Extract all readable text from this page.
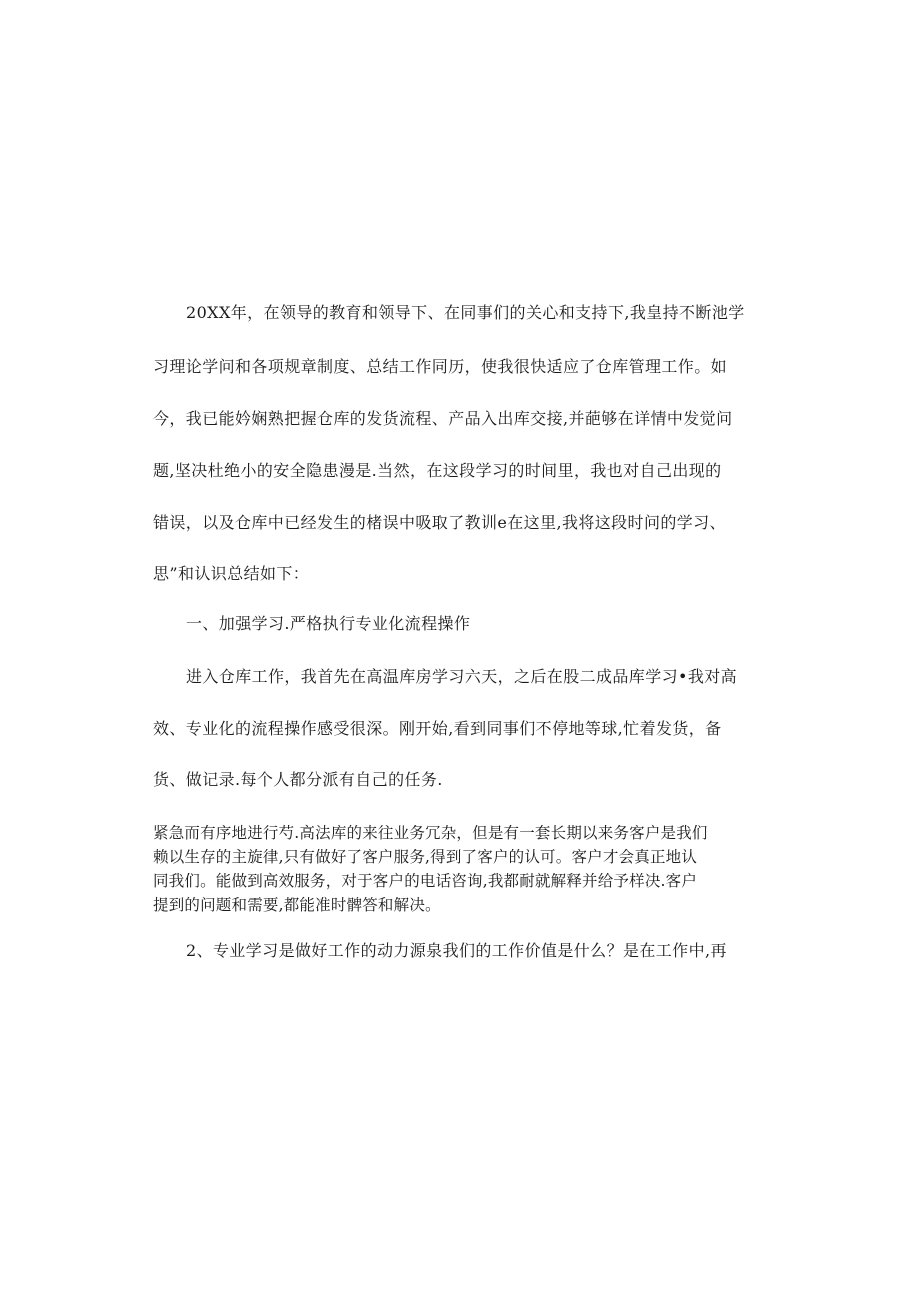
20XX年，在领导的教育和领导下、在同事们的关心和支持下,我皇持不断池学
习理论学问和各项规章制度、总结工作同历，使我很快适应了仓库管理工作。如
今，我已能妗娴熟把握仓库的发货流程、产品入出库交接,并葩够在详情中发觉问
题,坚决杜绝小的安全隐患漫是.当然，在这段学习的时间里，我也对自己出现的
错误，以及仓库中已经发生的楮误中吸取了教训e在这里,我将这段时问的学习、
思”和认识总结如下：
一、加强学习.严格执行专业化流程操作
进入仓库工作，我首先在高温库房学习六天，之后在股二成品库学习•我对高
效、专业化的流程操作感受很深。刚开始,看到同事们不停地等球,忙着发货，备
货、做记录.每个人都分派有自己的任务.
紧急而有序地进行芍.高法库的来往业务冗杂，但是有一套长期以来务客户是我们
赖以生存的主旋律,只有做好了客户服务,得到了客户的认可。客户才会真正地认
同我们。能做到高效服务，对于客户的电话咨询,我都耐就解释并给予样决.客户
提到的问题和需要,都能准时髀答和解决。
2、专业学习是做好工作的动力源泉我们的工作价值是什么？是在工作中,再
